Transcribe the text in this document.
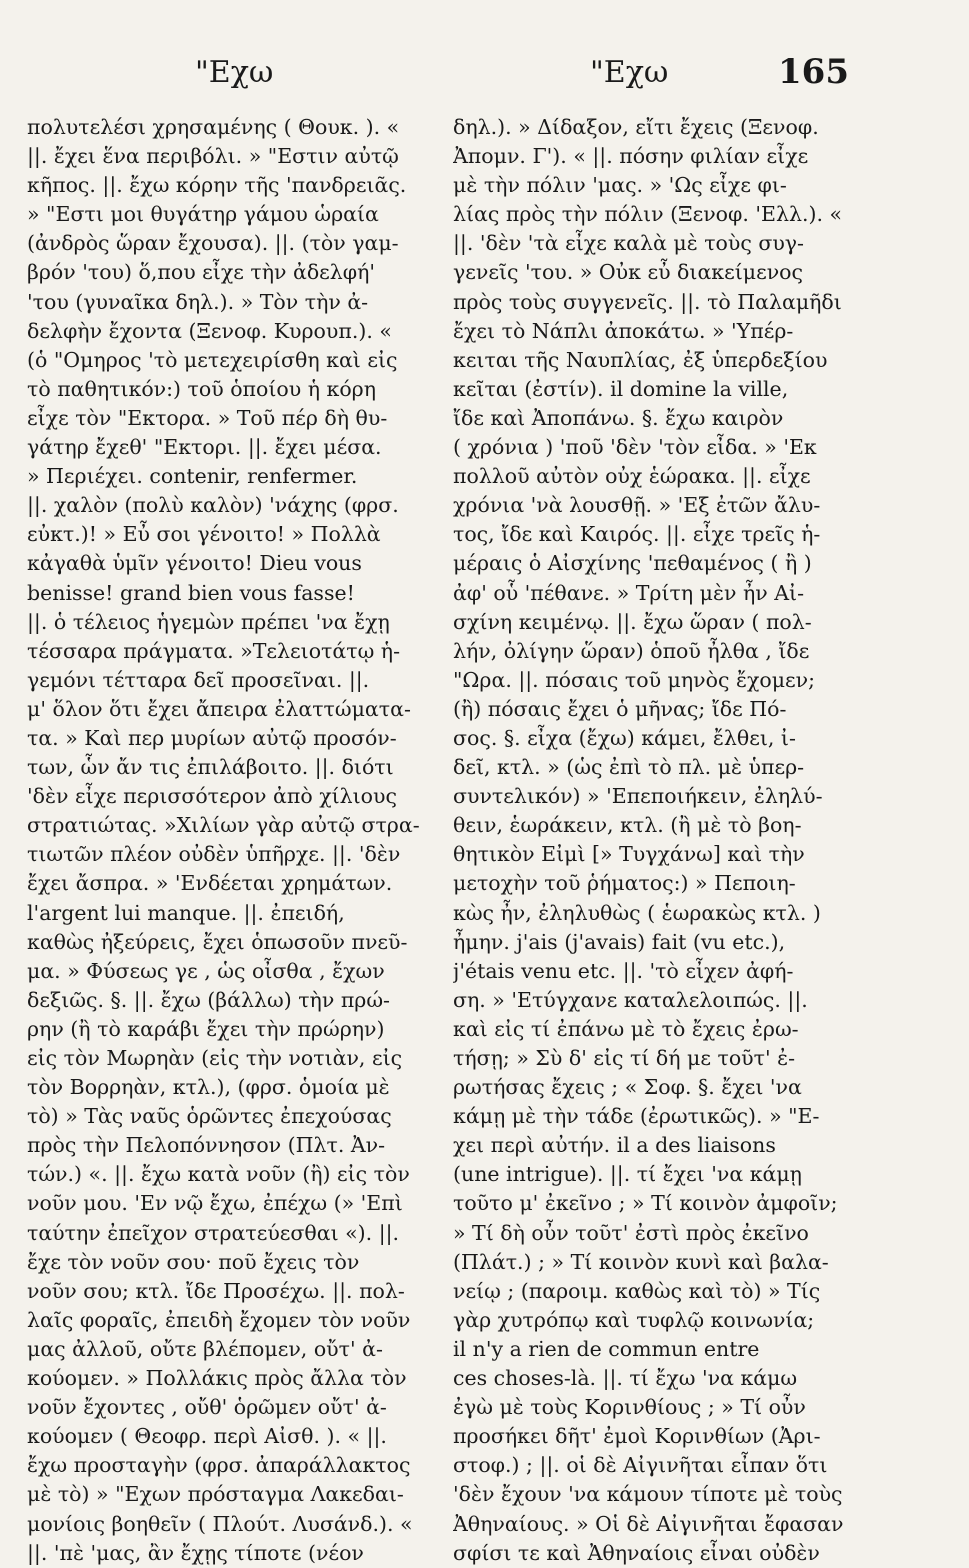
"Εχω	"Εχω	165
πολυτελέσι χρησαμένης ( Θουκ. ). «
||. ἔχει ἕνα περιβόλι. » "Εστιν αὐτῷ
κῆπος. ||. ἔχω κόρην τῆς 'πανδρειᾶς.
» "Εστι μοι θυγάτηρ γάμου ὡραία
(ἀνδρὸς ὥραν ἔχουσα). ||. (τὸν γαμ-
βρόν 'του) ὅ,που εἶχε τὴν ἀδελφή'
'του (γυναῖκα δηλ.). » Τὸν τὴν ἀ-
δελφὴν ἔχοντα (Ξενοφ. Κυρουπ.). «
(ὁ "Ομηρος 'τὸ μετεχειρίσθη καὶ εἰς
τὸ παθητικόν:) τοῦ ὁποίου ἡ κόρη
εἶχε τὸν "Εκτορα. » Τοῦ πέρ δὴ θυ-
γάτηρ ἔχεθ' "Εκτορι. ||. ἔχει μέσα.
» Περιέχει. contenir, renfermer.
||. χαλὸν (πολὺ καλὸν) 'νάχης (φρσ.
εὐκτ.)! » Εὖ σοι γένοιτο! » Πολλὰ
κἀγαθὰ ὑμῖν γένοιτο! Dieu vous
benisse! grand bien vous fasse!
||. ὁ τέλειος ἡγεμὼν πρέπει 'να ἔχῃ
τέσσαρα πράγματα. »Τελειοτάτῳ ἡ-
γεμόνι τέτταρα δεῖ προσεῖναι. ||.
μ' ὅλον ὅτι ἔχει ἄπειρα ἐλαττώματα-
τα. » Καὶ περ μυρίων αὐτῷ προσόν-
των, ὧν ἄν τις ἐπιλάβοιτο. ||. διότι
'δὲν εἶχε περισσότερον ἀπὸ χίλιους
στρατιώτας. »Χιλίων γὰρ αὐτῷ στρα-
τιωτῶν πλέον οὐδὲν ὑπῆρχε. ||. 'δὲν
ἔχει ἄσπρα. » 'Ενδέεται χρημάτων.
l'argent lui manque. ||. ἐπειδή,
καθὼς ἠξεύρεις, ἔχει ὁπωσοῦν πνεῦ-
μα. » Φύσεως γε , ὡς οἶσθα , ἔχων
δεξιῶς. §. ||. ἔχω (βάλλω) τὴν πρώ-
ρην (ἢ τὸ καράβι ἔχει τὴν πρώρην)
εἰς τὸν Μωρηὰν (εἰς τὴν νοτιὰν, εἰς
τὸν Βορρηὰν, κτλ.), (φρσ. ὁμοία μὲ
τὸ) » Τὰς ναῦς ὁρῶντες ἐπεχούσας
πρὸς τὴν Πελοπόννησον (Πλτ. Ἀν-
τών.) «. ||. ἔχω κατὰ νοῦν (ἢ) εἰς τὸν
νοῦν μου. 'Εν νῷ ἔχω, ἐπέχω (» 'Επὶ
ταύτην ἐπεῖχον στρατεύεσθαι «). ||.
ἔχε τὸν νοῦν σου· ποῦ ἔχεις τὸν
νοῦν σου; κτλ. ἴδε Προσέχω. ||. πολ-
λαῖς φοραῖς, ἐπειδὴ ἔχομεν τὸν νοῦν
μας ἀλλοῦ, οὔτε βλέπομεν, οὔτ' ἀ-
κούομεν. » Πολλάκις πρὸς ἄλλα τὸν
νοῦν ἔχοντες , οὔθ' ὁρῶμεν οὔτ' ἀ-
κούομεν ( Θεοφρ. περὶ Αἰσθ. ). « ||.
ἔχω προσταγὴν (φρσ. ἀπαράλλακτος
μὲ τὸ) » "Εχων πρόσταγμα Λακεδαι-
μονίοις βοηθεῖν ( Πλούτ. Λυσάνδ.). «
||. 'πὲ 'μας, ἂν ἔχῃς τίποτε (νέον
δηλ.). » Δίδαξον, εἴτι ἔχεις (Ξενοφ.
Ἀπομν. Γ'). « ||. πόσην φιλίαν εἶχε
μὲ τὴν πόλιν 'μας. » 'Ως εἶχε φι-
λίας πρὸς τὴν πόλιν (Ξενοφ. 'Ελλ.). «
||. 'δὲν 'τὰ εἶχε καλὰ μὲ τοὺς συγ-
γενεῖς 'του. » Οὐκ εὖ διακείμενος
πρὸς τοὺς συγγενεῖς. ||. τὸ Παλαμῆδι
ἔχει τὸ Νάπλι ἀποκάτω. » 'Υπέρ-
κειται τῆς Ναυπλίας, ἐξ ὑπερδεξίου
κεῖται (ἐστίν). il domine la ville,
ἴδε καὶ Ἀποπάνω. §. ἔχω καιρὸν
( χρόνια ) 'ποῦ 'δὲν 'τὸν εἶδα. » 'Εκ
πολλοῦ αὐτὸν οὐχ ἑώρακα. ||. εἶχε
χρόνια 'νὰ λουσθῇ. » 'Εξ ἐτῶν ἄλυ-
τος, ἴδε καὶ Καιρός. ||. εἶχε τρεῖς ἡ-
μέραις ὁ Αἰσχίνης 'πεθαμένος ( ἢ )
ἀφ' οὗ 'πέθανε. » Τρίτη μὲν ἦν Αἰ-
σχίνη κειμένῳ. ||. ἔχω ὥραν ( πολ-
λήν, ὀλίγην ὥραν) ὁποῦ ἦλθα , ἴδε
"Ωρα. ||. πόσαις τοῦ μηνὸς ἔχομεν;
(ἢ) πόσαις ἔχει ὁ μῆνας; ἴδε Πό-
σος. §. εἶχα (ἔχω) κάμει, ἔλθει, ἰ-
δεῖ, κτλ. » (ὡς ἐπὶ τὸ πλ. μὲ ὑπερ-
συντελικόν) » 'Επεποιήκειν, ἐληλύ-
θειν, ἑωράκειν, κτλ. (ἢ μὲ τὸ βοη-
θητικὸν Εἰμὶ [» Τυγχάνω] καὶ τὴν
μετοχὴν τοῦ ῥήματος:) » Πεποιη-
κὼς ἦν, ἐληλυθὼς ( ἑωρακὼς κτλ. )
ἦμην. j'ais (j'avais) fait (vu etc.),
j'étais venu etc. ||. 'τὸ εἶχεν ἀφή-
ση. » 'Ετύγχανε καταλελοιπώς. ||.
καὶ εἰς τί ἐπάνω μὲ τὸ ἔχεις ἐρω-
τήσῃ; » Σὺ δ' εἰς τί δή με τοῦτ' ἐ-
ρωτήσας ἔχεις ; « Σοφ. §. ἔχει 'να
κάμῃ μὲ τὴν τάδε (ἐρωτικῶς). » "Ε-
χει περὶ αὐτήν. il a des liaisons
(une intrigue). ||. τί ἔχει 'να κάμῃ
τοῦτο μ' ἐκεῖνο ; » Τί κοινὸν ἀμφοῖν;
» Τί δὴ οὖν τοῦτ' ἐστὶ πρὸς ἐκεῖνο
(Πλάτ.) ; » Τί κοινὸν κυνὶ καὶ βαλα-
νείῳ ; (παροιμ. καθὼς καὶ τὸ) » Τίς
γὰρ χυτρόπῳ καὶ τυφλῷ κοινωνία;
il n'y a rien de commun entre
ces choses-là. ||. τί ἔχω 'να κάμω
ἐγὼ μὲ τοὺς Κορινθίους ; » Τί οὖν
προσήκει δῆτ' ἐμοὶ Κορινθίων (Ἀρι-
στοφ.) ; ||. οἱ δὲ Αἰγινῆται εἶπαν ὅτι
'δὲν ἔχουν 'να κάμουν τίποτε μὲ τοὺς
Ἀθηναίους. » Οἱ δὲ Αἰγινῆται ἔφασαν
σφίσι τε καὶ Ἀθηναίοις εἶναι οὐδὲν
